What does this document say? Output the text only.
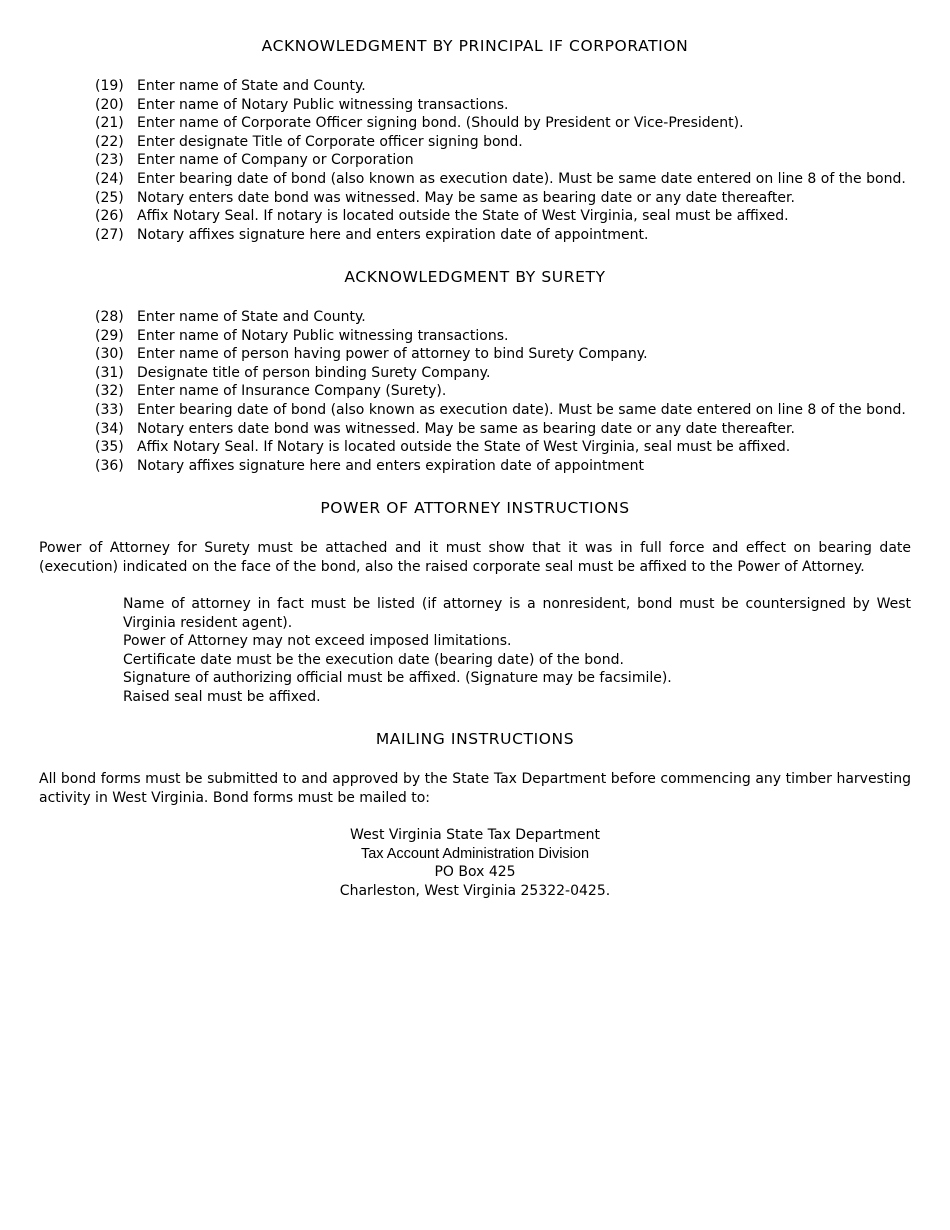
ACKNOWLEDGMENT BY PRINCIPAL IF CORPORATION
(19) Enter name of State and County.
(20) Enter name of Notary Public witnessing transactions.
(21) Enter name of Corporate Officer signing bond. (Should by President or Vice-President).
(22) Enter designate Title of Corporate officer signing bond.
(23) Enter name of Company or Corporation
(24) Enter bearing date of bond (also known as execution date). Must be same date entered on line 8 of the bond.
(25) Notary enters date bond was witnessed. May be same as bearing date or any date thereafter.
(26) Affix Notary Seal. If notary is located outside the State of West Virginia, seal must be affixed.
(27) Notary affixes signature here and enters expiration date of appointment.
ACKNOWLEDGMENT BY SURETY
(28) Enter name of State and County.
(29) Enter name of Notary Public witnessing transactions.
(30) Enter name of person having power of attorney to bind Surety Company.
(31) Designate title of person binding Surety Company.
(32) Enter name of Insurance Company (Surety).
(33) Enter bearing date of bond (also known as execution date). Must be same date entered on line 8 of the bond.
(34) Notary enters date bond was witnessed. May be same as bearing date or any date thereafter.
(35) Affix Notary Seal. If Notary is located outside the State of West Virginia, seal must be affixed.
(36) Notary affixes signature here and enters expiration date of appointment
POWER OF ATTORNEY INSTRUCTIONS

Power of Attorney for Surety must be attached and it must show that it was in full force and effect on bearing date (execution) indicated on the face of the bond, also the raised corporate seal must be affixed to the Power of Attorney.

Name of attorney in fact must be listed (if attorney is a nonresident, bond must be countersigned by West Virginia resident agent).
Power of Attorney may not exceed imposed limitations.
Certificate date must be the execution date (bearing date) of the bond.
Signature of authorizing official must be affixed. (Signature may be facsimile).
Raised seal must be affixed.
MAILING INSTRUCTIONS

All bond forms must be submitted to and approved by the State Tax Department before commencing any timber harvesting activity in West Virginia. Bond forms must be mailed to:

West Virginia State Tax Department
Tax Account Administration Division
PO Box 425
Charleston, West Virginia 25322-0425.
